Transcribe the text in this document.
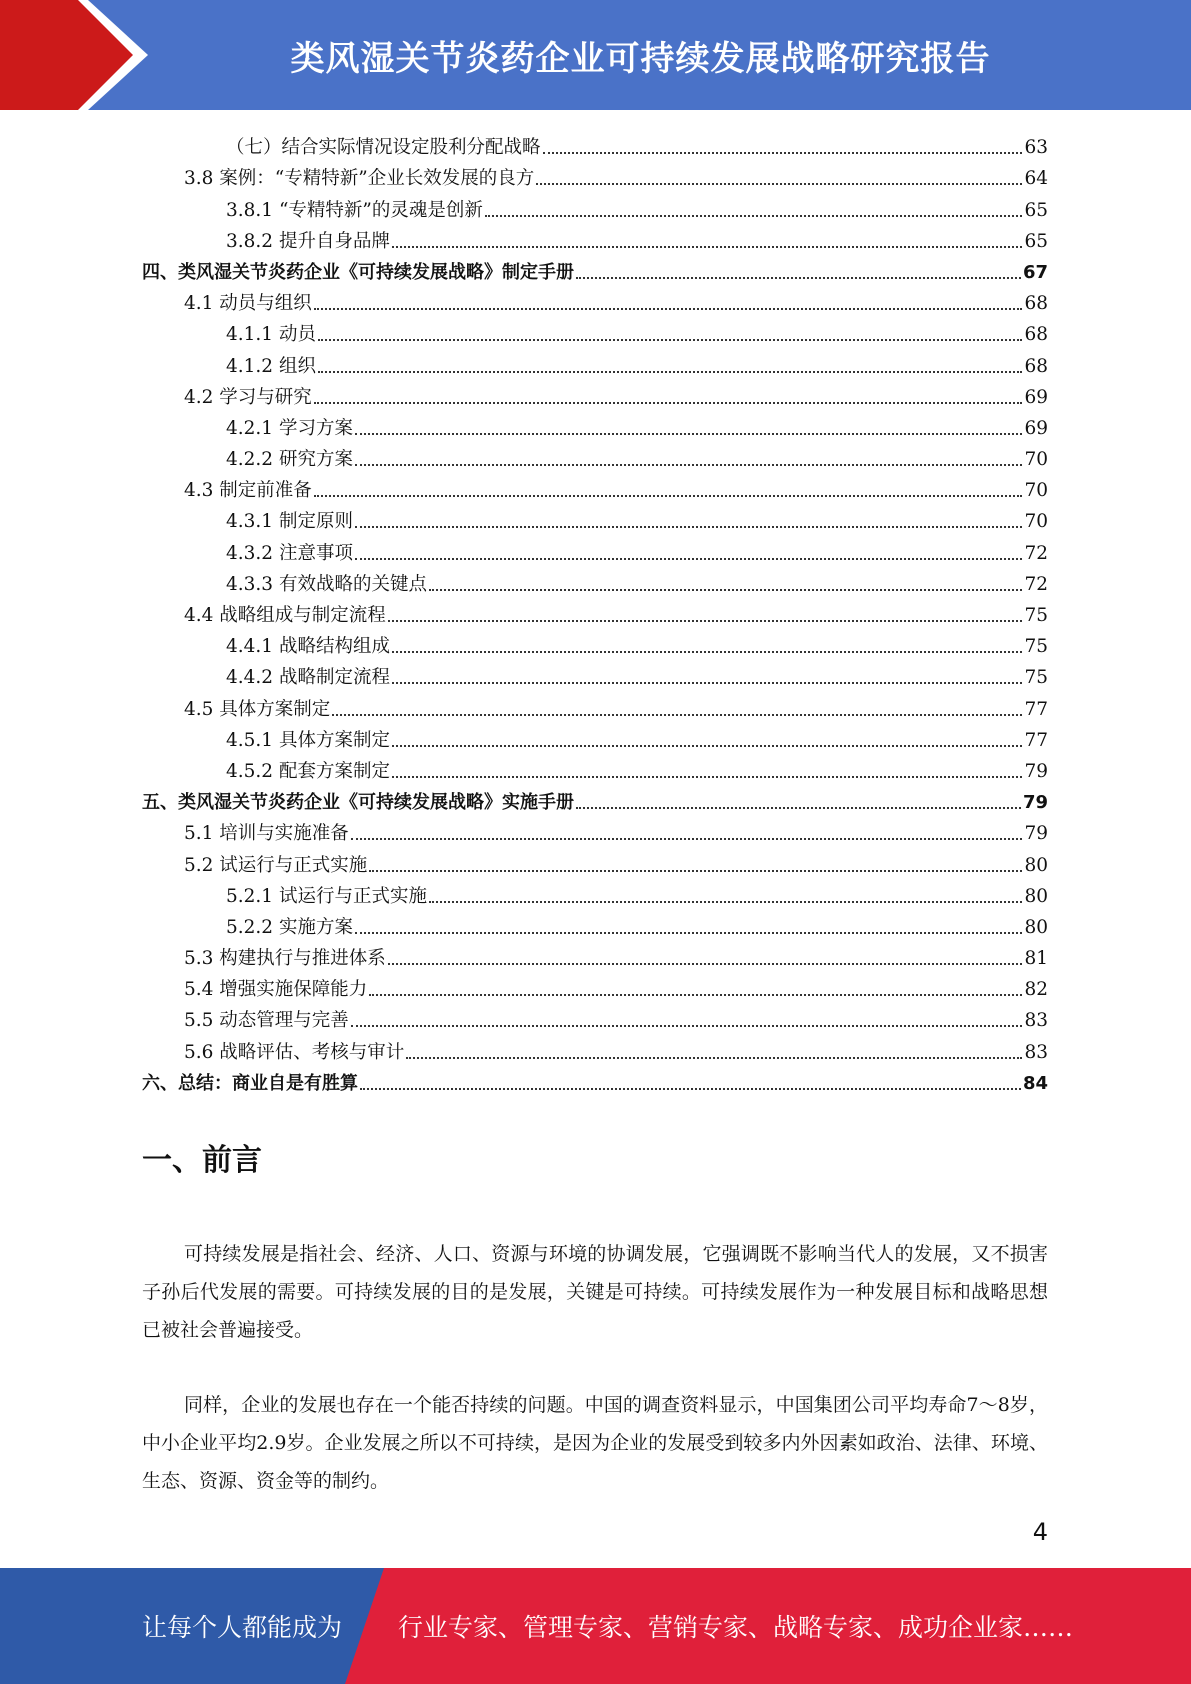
类风湿关节炎药企业可持续发展战略研究报告
（七）结合实际情况设定股利分配战略	63
3.8 案例：“专精特新”企业长效发展的良方	64
3.8.1 “专精特新”的灵魂是创新	65
3.8.2 提升自身品牌	65
四、类风湿关节炎药企业《可持续发展战略》制定手册	67
4.1 动员与组织	68
4.1.1 动员	68
4.1.2 组织	68
4.2 学习与研究	69
4.2.1 学习方案	69
4.2.2 研究方案	70
4.3 制定前准备	70
4.3.1 制定原则	70
4.3.2 注意事项	72
4.3.3 有效战略的关键点	72
4.4 战略组成与制定流程	75
4.4.1 战略结构组成	75
4.4.2 战略制定流程	75
4.5 具体方案制定	77
4.5.1 具体方案制定	77
4.5.2 配套方案制定	79
五、类风湿关节炎药企业《可持续发展战略》实施手册	79
5.1 培训与实施准备	79
5.2 试运行与正式实施	80
5.2.1 试运行与正式实施	80
5.2.2 实施方案	80
5.3 构建执行与推进体系	81
5.4 增强实施保障能力	82
5.5 动态管理与完善	83
5.6 战略评估、考核与审计	83
六、总结：商业自是有胜算	84
一、前言

可持续发展是指社会、经济、人口、资源与环境的协调发展，它强调既不影响当代人的发展，又不损害子孙后代发展的需要。可持续发展的目的是发展，关键是可持续。可持续发展作为一种发展目标和战略思想已被社会普遍接受。

同样，企业的发展也存在一个能否持续的问题。中国的调查资料显示，中国集团公司平均寿命7～8岁，中小企业平均2.9岁。企业发展之所以不可持续，是因为企业的发展受到较多内外因素如政治、法律、环境、生态、资源、资金等的制约。

4
让每个人都能成为 行业专家、管理专家、营销专家、战略专家、成功企业家……
